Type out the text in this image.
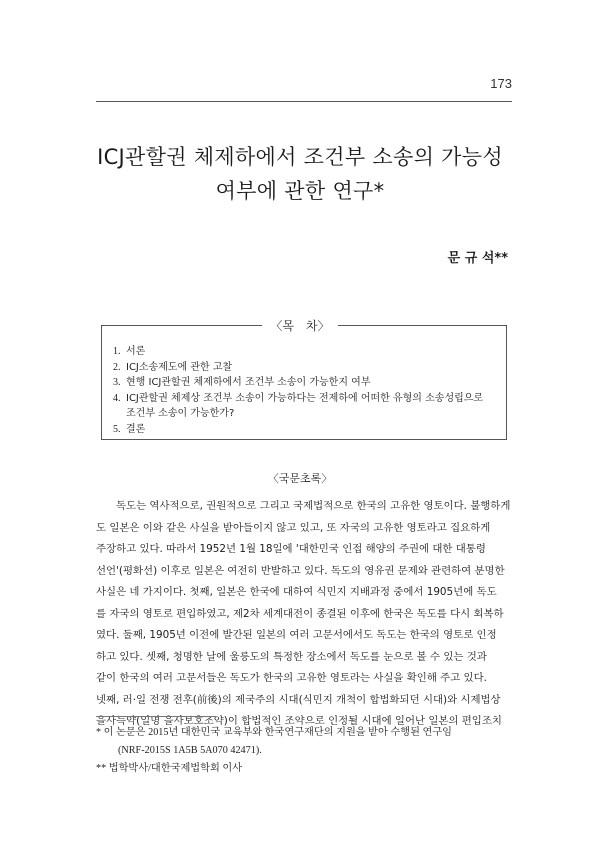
173
ICJ관할권 체제하에서 조건부 소송의 가능성
여부에 관한 연구*
문 규 석**
〈목　차〉
1. 서론
2. ICJ소송제도에 관한 고찰
3. 현행 ICJ관할권 체제하에서 조건부 소송이 가능한지 여부
4. ICJ관할권 체제상 조건부 소송이 가능하다는 전제하에 어떠한 유형의 소송성립으로
조건부 소송이 가능한가?
5. 결론
〈국문초록〉
독도는 역사적으로, 권원적으로 그리고 국제법적으로 한국의 고유한 영토이다. 불행하게
도 일본은 이와 같은 사실을 받아들이지 않고 있고, 또 자국의 고유한 영토라고 집요하게
주장하고 있다. 따라서 1952년 1월 18일에 '대한민국 인접 해양의 주권에 대한 대통령
선언'(평화선) 이후로 일본은 여전히 반발하고 있다. 독도의 영유권 문제와 관련하여 분명한
사실은 네 가지이다. 첫째, 일본은 한국에 대하여 식민지 지배과정 중에서 1905년에 독도
를 자국의 영토로 편입하였고, 제2차 세계대전이 종결된 이후에 한국은 독도를 다시 회복하
였다. 둘째, 1905년 이전에 발간된 일본의 여러 고문서에서도 독도는 한국의 영토로 인정
하고 있다. 셋째, 청명한 날에 울릉도의 특정한 장소에서 독도를 눈으로 볼 수 있는 것과
같이 한국의 여러 고문서들은 독도가 한국의 고유한 영토라는 사실을 확인해 주고 있다.
넷째, 러·일 전쟁 전후(前後)의 제국주의 시대(식민지 개척이 합법화되던 시대)와 시제법상
을사늑약(일명 을사보호조약)이 합법적인 조약으로 인정될 시대에 일어난 일본의 편입조치
* 이 논문은 2015년 대한민국 교육부와 한국연구재단의 지원을 받아 수행된 연구임
(NRF-2015S 1A5B 5A070 42471).
** 법학박사/대한국제법학회 이사
